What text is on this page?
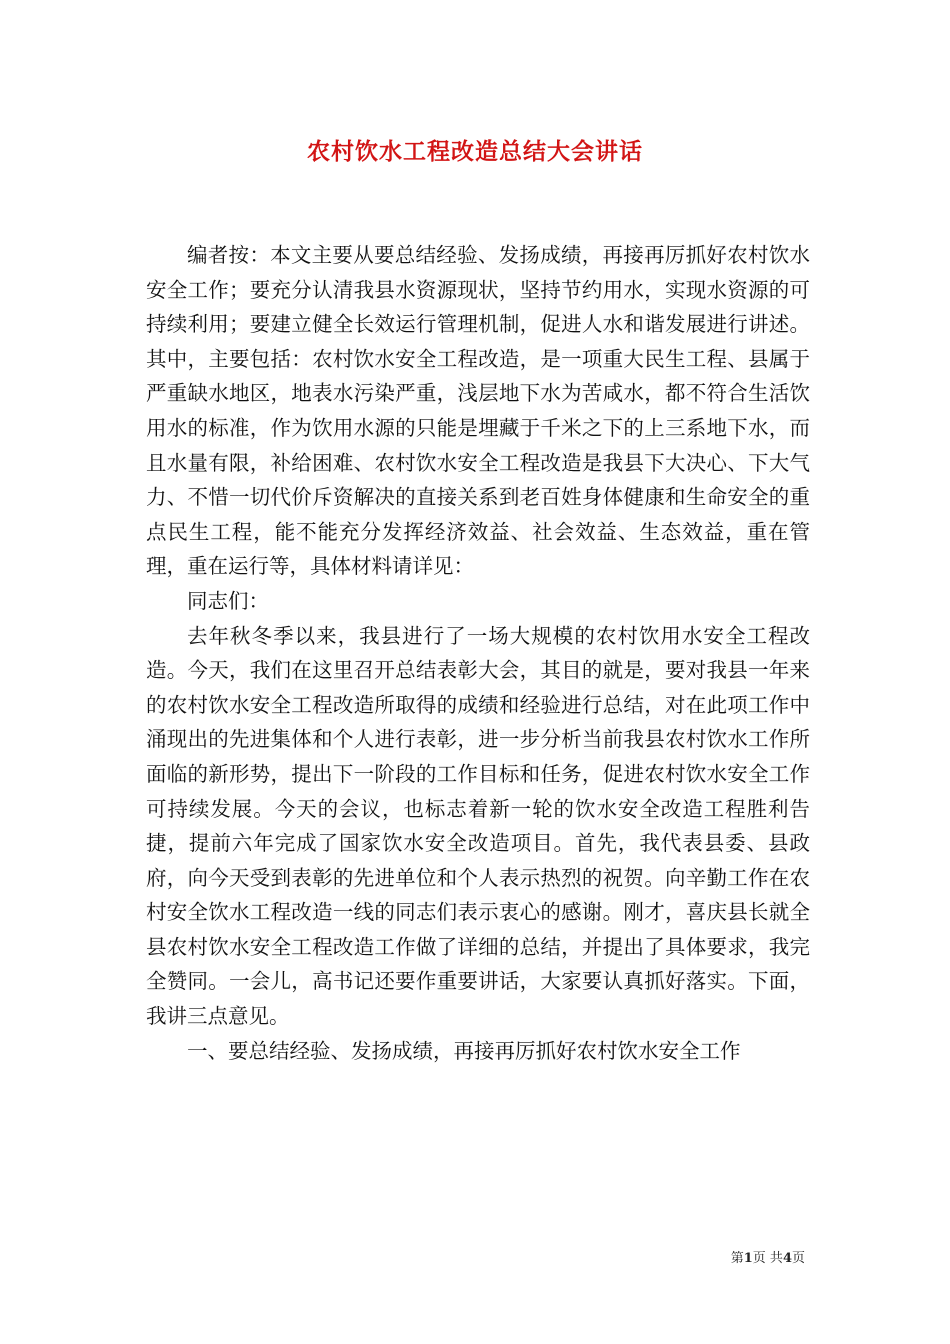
农村饮水工程改造总结大会讲话

编者按：本文主要从要总结经验、发扬成绩，再接再厉抓好农村饮水安全工作；要充分认清我县水资源现状，坚持节约用水，实现水资源的可持续利用；要建立健全长效运行管理机制，促进人水和谐发展进行讲述。其中，主要包括：农村饮水安全工程改造，是一项重大民生工程、县属于严重缺水地区，地表水污染严重，浅层地下水为苦咸水，都不符合生活饮用水的标准，作为饮用水源的只能是埋藏于千米之下的上三系地下水，而且水量有限，补给困难、农村饮水安全工程改造是我县下大决心、下大气力、不惜一切代价斥资解决的直接关系到老百姓身体健康和生命安全的重点民生工程，能不能充分发挥经济效益、社会效益、生态效益，重在管理，重在运行等，具体材料请详见：

同志们：

去年秋冬季以来，我县进行了一场大规模的农村饮用水安全工程改造。今天，我们在这里召开总结表彰大会，其目的就是，要对我县一年来的农村饮水安全工程改造所取得的成绩和经验进行总结，对在此项工作中涌现出的先进集体和个人进行表彰，进一步分析当前我县农村饮水工作所面临的新形势，提出下一阶段的工作目标和任务，促进农村饮水安全工作可持续发展。今天的会议，也标志着新一轮的饮水安全改造工程胜利告捷，提前六年完成了国家饮水安全改造项目。首先，我代表县委、县政府，向今天受到表彰的先进单位和个人表示热烈的祝贺。向辛勤工作在农村安全饮水工程改造一线的同志们表示衷心的感谢。刚才，喜庆县长就全县农村饮水安全工程改造工作做了详细的总结，并提出了具体要求，我完全赞同。一会儿，高书记还要作重要讲话，大家要认真抓好落实。下面，我讲三点意见。

一、要总结经验、发扬成绩，再接再厉抓好农村饮水安全工作

第1页 共4页
